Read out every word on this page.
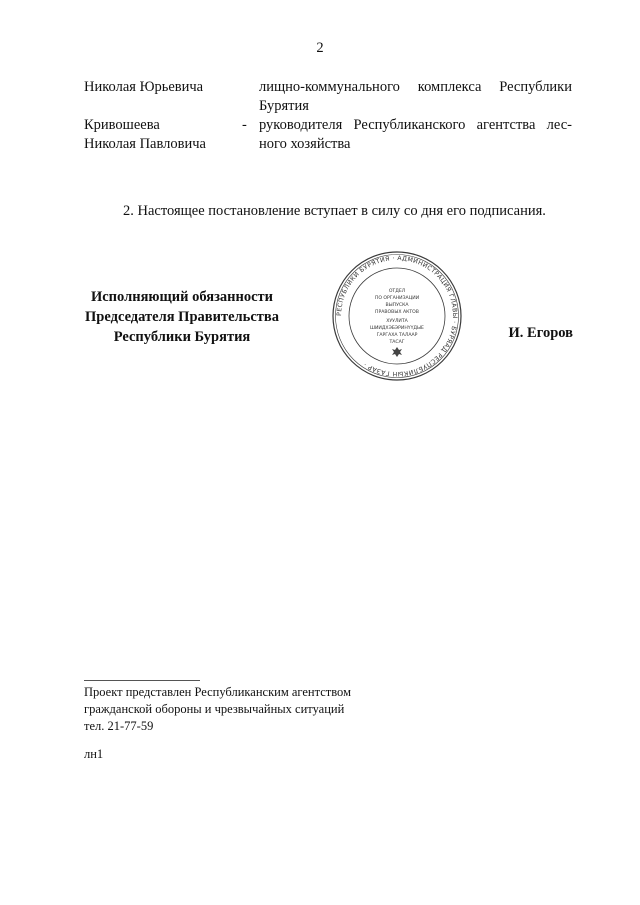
2
Николая Юрьевича	лищно-коммунального комплекса Республики
Бурятия
Кривошеева	- руководителя Республиканского агентства лес-
Николая Павловича	ного хозяйства
2. Настоящее постановление вступает в силу со дня его подписания.
Исполняющий обязанности
Председателя Правительства
Республики Бурятия	И. Егоров
РЕСПУБЛИКИ БУРЯТИЯ · АДМИНИСТРАЦИЯ ГЛАВЫ · БУРЯАД РЕСПУБЛИКЫН ГАЗАР ·
ОТДЕЛ
ПО ОРГАНИЗАЦИИ
ВЫПУСКА
ПРАВОВЫХ АКТОВ
ХУУЛИТА
ШИИДХЭБЭРИНҮҮДЫЕ
ГАРГАХА ТАЛААР
ТАСАГ
Проект представлен Республиканским агентством
гражданской обороны и чрезвычайных ситуаций
тел. 21-77-59
лн1
